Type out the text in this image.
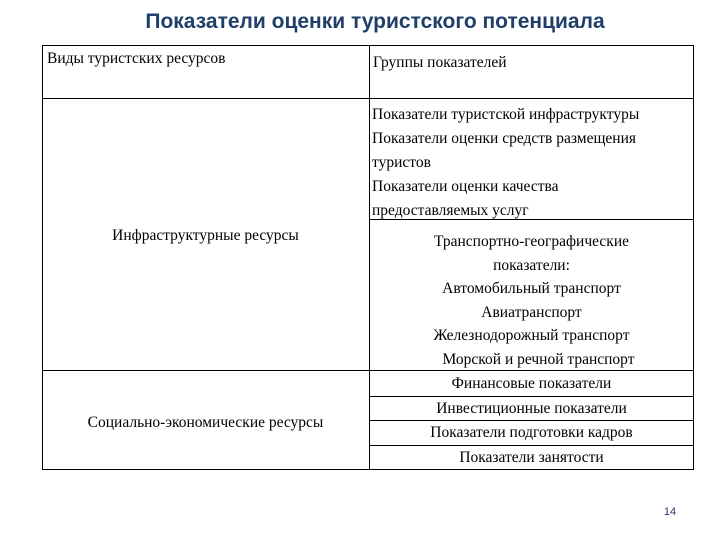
Показатели оценки туристского потенциала
Виды туристских ресурсов	Группы показателей
Инфраструктурные ресурсы
Показатели туристской инфраструктуры
Показатели оценки средств размещения
туристов
Показатели оценки качества
предоставляемых услуг
Транспортно-географические
показатели:
Автомобильный транспорт
Авиатранспорт
Железнодорожный транспорт
Морской и речной транспорт
Социально-экономические ресурсы
Финансовые показатели
Инвестиционные показатели
Показатели подготовки кадров
Показатели занятости
14
